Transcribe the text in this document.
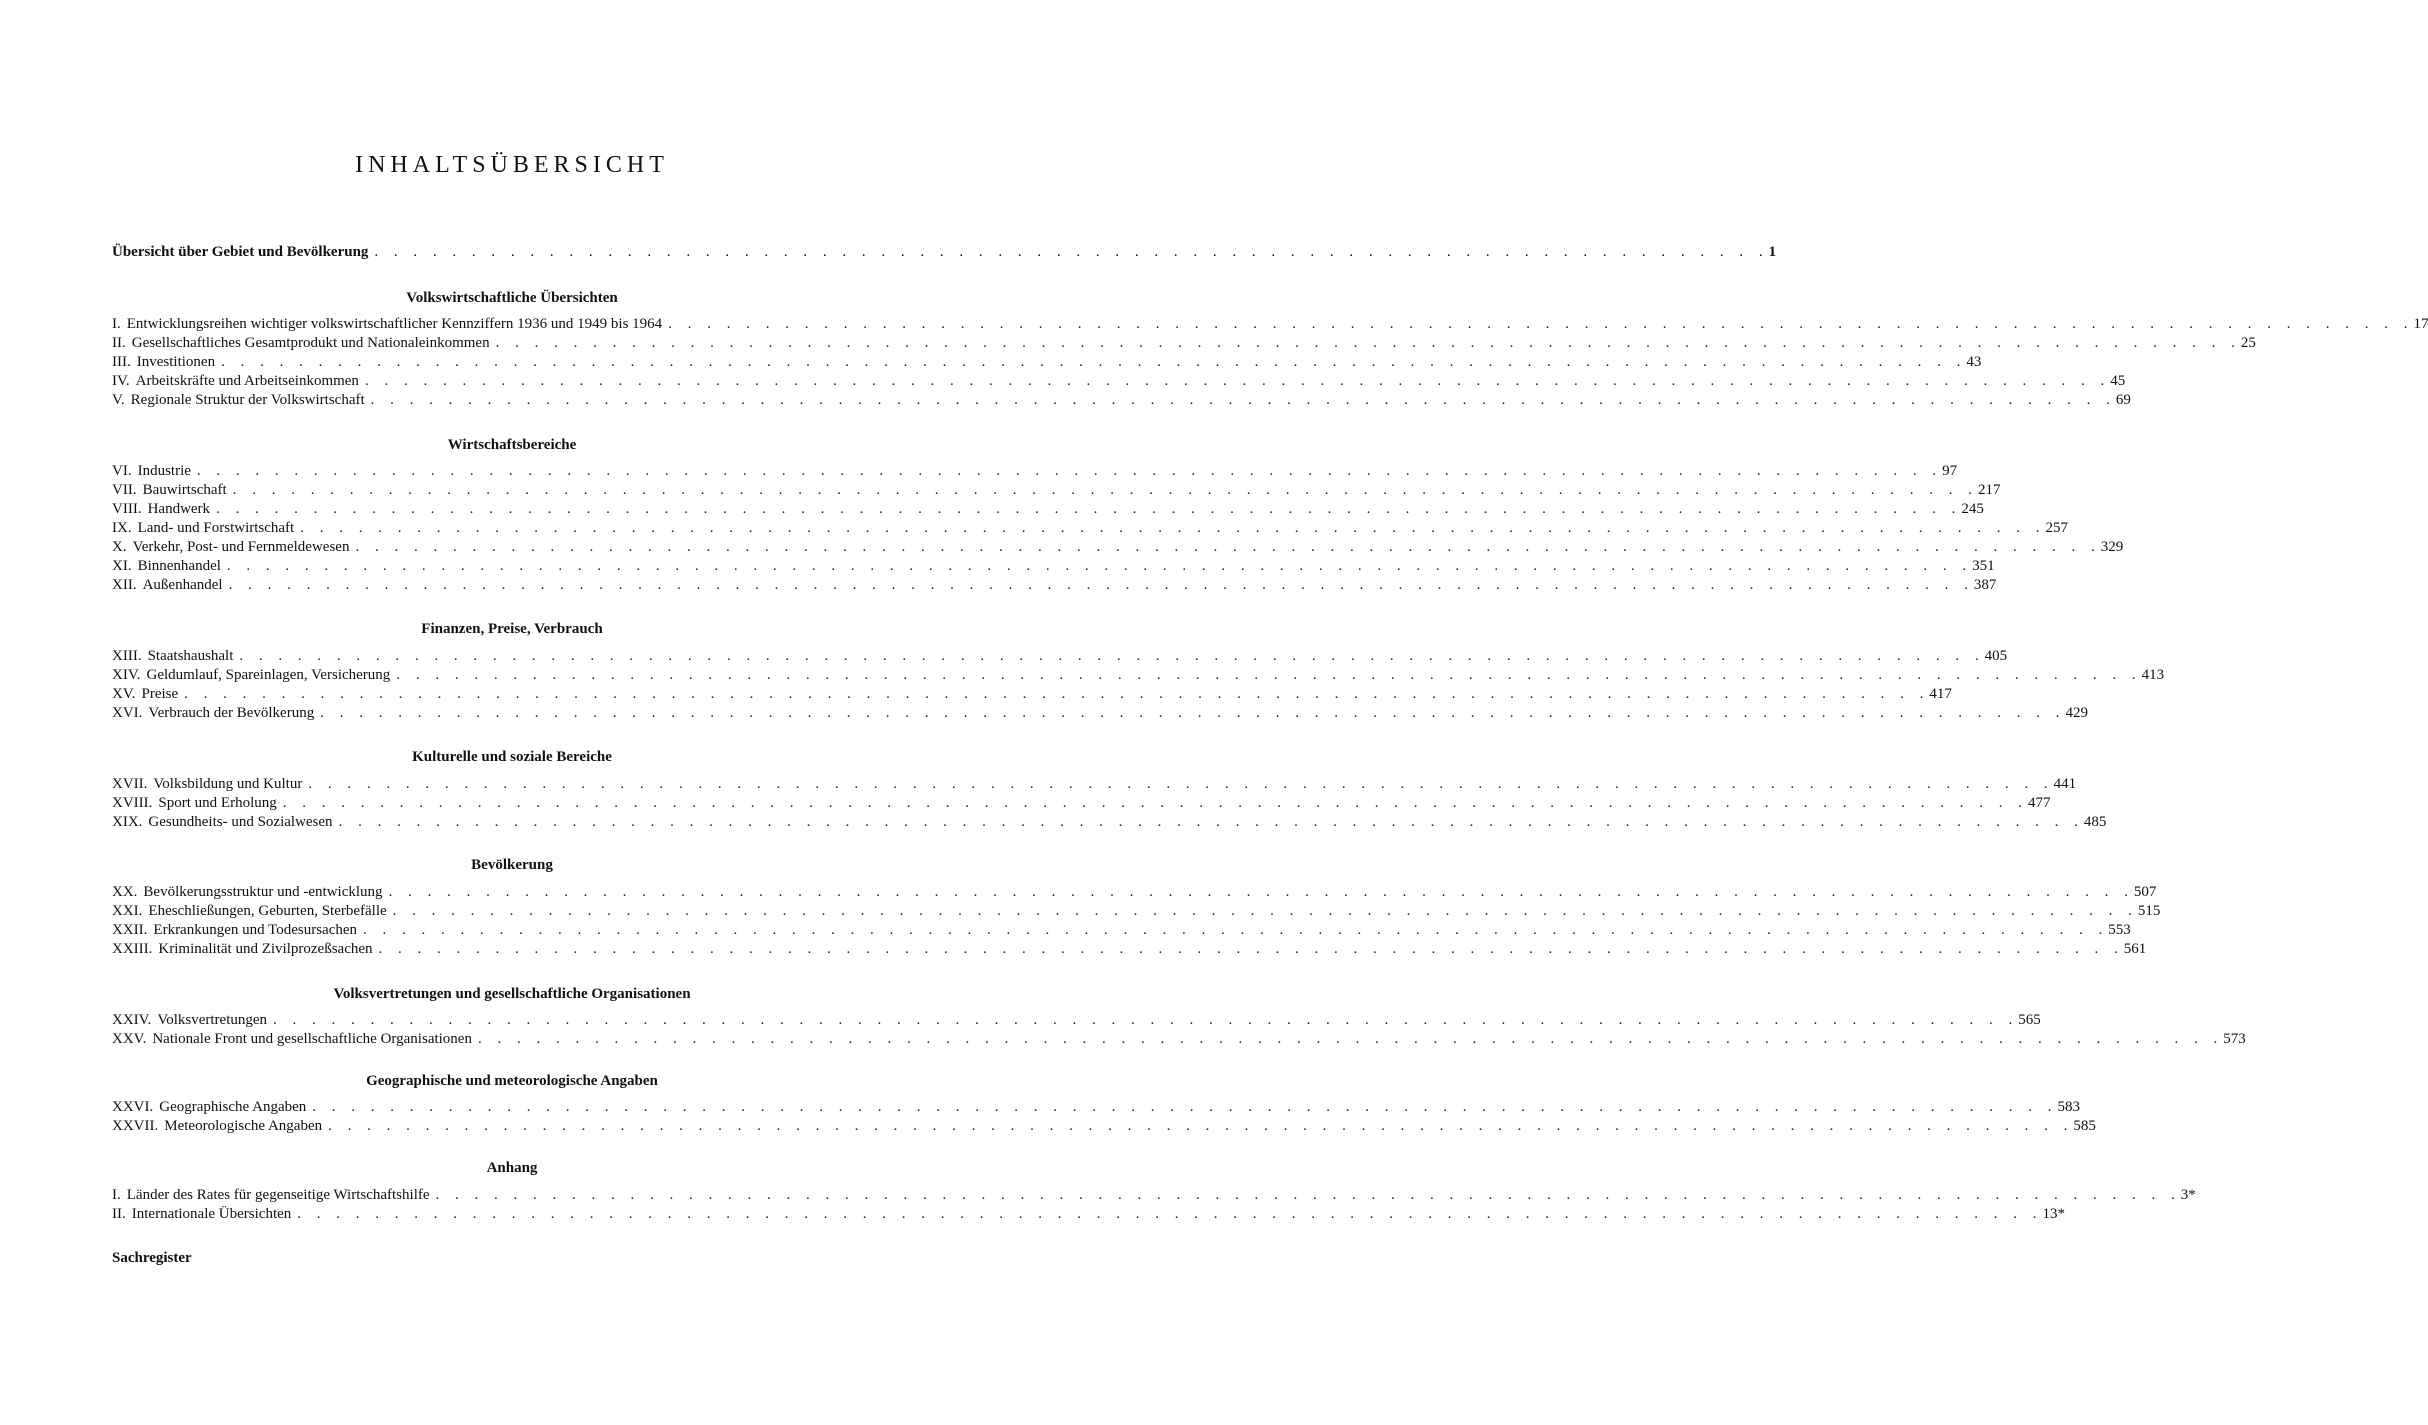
INHALTSÜBERSICHT
Übersicht über Gebiet und Bevölkerung . . . . . . . . . . . . . . . . . . . . . . . . . . . . . . . . . . . . . . . . . . . . . . . . . . . . . . . . . . . . . . . . . . . . . . . . 1
Volkswirtschaftliche Übersichten
I. Entwicklungsreihen wichtiger volkswirtschaftlicher Kennziffern 1936 und 1949 bis 1964 . . . . . . . . . . . . . . . . . . . . . . . . . . . . . . . . . . . . . . . . . . . . . . . . . . . . . . . . . . . . . . . . . . . . . . . . . . . . . . . . . . . . . . . . . . 17
II. Gesellschaftliches Gesamtprodukt und Nationaleinkommen . . . . . . . . . . . . . . . . . . . . . . . . . . . . . . . . . . . . . . . . . . . . . . . . . . . . . . . . . . . . . . . . . . . . . . . . . . . . . . . . . . . . . . . . . . 25
III. Investitionen . . . . . . . . . . . . . . . . . . . . . . . . . . . . . . . . . . . . . . . . . . . . . . . . . . . . . . . . . . . . . . . . . . . . . . . . . . . . . . . . . . . . . . . . . . 43
IV. Arbeitskräfte und Arbeitseinkommen . . . . . . . . . . . . . . . . . . . . . . . . . . . . . . . . . . . . . . . . . . . . . . . . . . . . . . . . . . . . . . . . . . . . . . . . . . . . . . . . . . . . . . . . . . 45
V. Regionale Struktur der Volkswirtschaft . . . . . . . . . . . . . . . . . . . . . . . . . . . . . . . . . . . . . . . . . . . . . . . . . . . . . . . . . . . . . . . . . . . . . . . . . . . . . . . . . . . . . . . . . . 69
Wirtschaftsbereiche
VI. Industrie . . . . . . . . . . . . . . . . . . . . . . . . . . . . . . . . . . . . . . . . . . . . . . . . . . . . . . . . . . . . . . . . . . . . . . . . . . . . . . . . . . . . . . . . . . 97
VII. Bauwirtschaft . . . . . . . . . . . . . . . . . . . . . . . . . . . . . . . . . . . . . . . . . . . . . . . . . . . . . . . . . . . . . . . . . . . . . . . . . . . . . . . . . . . . . . . . . . 217
VIII. Handwerk . . . . . . . . . . . . . . . . . . . . . . . . . . . . . . . . . . . . . . . . . . . . . . . . . . . . . . . . . . . . . . . . . . . . . . . . . . . . . . . . . . . . . . . . . . 245
IX. Land- und Forstwirtschaft . . . . . . . . . . . . . . . . . . . . . . . . . . . . . . . . . . . . . . . . . . . . . . . . . . . . . . . . . . . . . . . . . . . . . . . . . . . . . . . . . . . . . . . . . . 257
X. Verkehr, Post- und Fernmeldewesen . . . . . . . . . . . . . . . . . . . . . . . . . . . . . . . . . . . . . . . . . . . . . . . . . . . . . . . . . . . . . . . . . . . . . . . . . . . . . . . . . . . . . . . . . . 329
XI. Binnenhandel . . . . . . . . . . . . . . . . . . . . . . . . . . . . . . . . . . . . . . . . . . . . . . . . . . . . . . . . . . . . . . . . . . . . . . . . . . . . . . . . . . . . . . . . . . 351
XII. Außenhandel . . . . . . . . . . . . . . . . . . . . . . . . . . . . . . . . . . . . . . . . . . . . . . . . . . . . . . . . . . . . . . . . . . . . . . . . . . . . . . . . . . . . . . . . . . 387
Finanzen, Preise, Verbrauch
XIII. Staatshaushalt . . . . . . . . . . . . . . . . . . . . . . . . . . . . . . . . . . . . . . . . . . . . . . . . . . . . . . . . . . . . . . . . . . . . . . . . . . . . . . . . . . . . . . . . . . 405
XIV. Geldumlauf, Spareinlagen, Versicherung . . . . . . . . . . . . . . . . . . . . . . . . . . . . . . . . . . . . . . . . . . . . . . . . . . . . . . . . . . . . . . . . . . . . . . . . . . . . . . . . . . . . . . . . . . 413
XV. Preise . . . . . . . . . . . . . . . . . . . . . . . . . . . . . . . . . . . . . . . . . . . . . . . . . . . . . . . . . . . . . . . . . . . . . . . . . . . . . . . . . . . . . . . . . . 417
XVI. Verbrauch der Bevölkerung . . . . . . . . . . . . . . . . . . . . . . . . . . . . . . . . . . . . . . . . . . . . . . . . . . . . . . . . . . . . . . . . . . . . . . . . . . . . . . . . . . . . . . . . . . 429
Kulturelle und soziale Bereiche
XVII. Volksbildung und Kultur . . . . . . . . . . . . . . . . . . . . . . . . . . . . . . . . . . . . . . . . . . . . . . . . . . . . . . . . . . . . . . . . . . . . . . . . . . . . . . . . . . . . . . . . . . 441
XVIII. Sport und Erholung . . . . . . . . . . . . . . . . . . . . . . . . . . . . . . . . . . . . . . . . . . . . . . . . . . . . . . . . . . . . . . . . . . . . . . . . . . . . . . . . . . . . . . . . . . 477
XIX. Gesundheits- und Sozialwesen . . . . . . . . . . . . . . . . . . . . . . . . . . . . . . . . . . . . . . . . . . . . . . . . . . . . . . . . . . . . . . . . . . . . . . . . . . . . . . . . . . . . . . . . . . 485
Bevölkerung
XX. Bevölkerungsstruktur und -entwicklung . . . . . . . . . . . . . . . . . . . . . . . . . . . . . . . . . . . . . . . . . . . . . . . . . . . . . . . . . . . . . . . . . . . . . . . . . . . . . . . . . . . . . . . . . . 507
XXI. Eheschließungen, Geburten, Sterbefälle . . . . . . . . . . . . . . . . . . . . . . . . . . . . . . . . . . . . . . . . . . . . . . . . . . . . . . . . . . . . . . . . . . . . . . . . . . . . . . . . . . . . . . . . . . 515
XXII. Erkrankungen und Todesursachen . . . . . . . . . . . . . . . . . . . . . . . . . . . . . . . . . . . . . . . . . . . . . . . . . . . . . . . . . . . . . . . . . . . . . . . . . . . . . . . . . . . . . . . . . . 553
XXIII. Kriminalität und Zivilprozeßsachen . . . . . . . . . . . . . . . . . . . . . . . . . . . . . . . . . . . . . . . . . . . . . . . . . . . . . . . . . . . . . . . . . . . . . . . . . . . . . . . . . . . . . . . . . . 561
Volksvertretungen und gesellschaftliche Organisationen
XXIV. Volksvertretungen . . . . . . . . . . . . . . . . . . . . . . . . . . . . . . . . . . . . . . . . . . . . . . . . . . . . . . . . . . . . . . . . . . . . . . . . . . . . . . . . . . . . . . . . . . 565
XXV. Nationale Front und gesellschaftliche Organisationen . . . . . . . . . . . . . . . . . . . . . . . . . . . . . . . . . . . . . . . . . . . . . . . . . . . . . . . . . . . . . . . . . . . . . . . . . . . . . . . . . . . . . . . . . . 573
Geographische und meteorologische Angaben
XXVI. Geographische Angaben . . . . . . . . . . . . . . . . . . . . . . . . . . . . . . . . . . . . . . . . . . . . . . . . . . . . . . . . . . . . . . . . . . . . . . . . . . . . . . . . . . . . . . . . . . 583
XXVII. Meteorologische Angaben . . . . . . . . . . . . . . . . . . . . . . . . . . . . . . . . . . . . . . . . . . . . . . . . . . . . . . . . . . . . . . . . . . . . . . . . . . . . . . . . . . . . . . . . . . 585
Anhang
I. Länder des Rates für gegenseitige Wirtschaftshilfe . . . . . . . . . . . . . . . . . . . . . . . . . . . . . . . . . . . . . . . . . . . . . . . . . . . . . . . . . . . . . . . . . . . . . . . . . . . . . . . . . . . . . . . . . . 3*
II. Internationale Übersichten . . . . . . . . . . . . . . . . . . . . . . . . . . . . . . . . . . . . . . . . . . . . . . . . . . . . . . . . . . . . . . . . . . . . . . . . . . . . . . . . . . . . . . . . . . 13*
Sachregister
